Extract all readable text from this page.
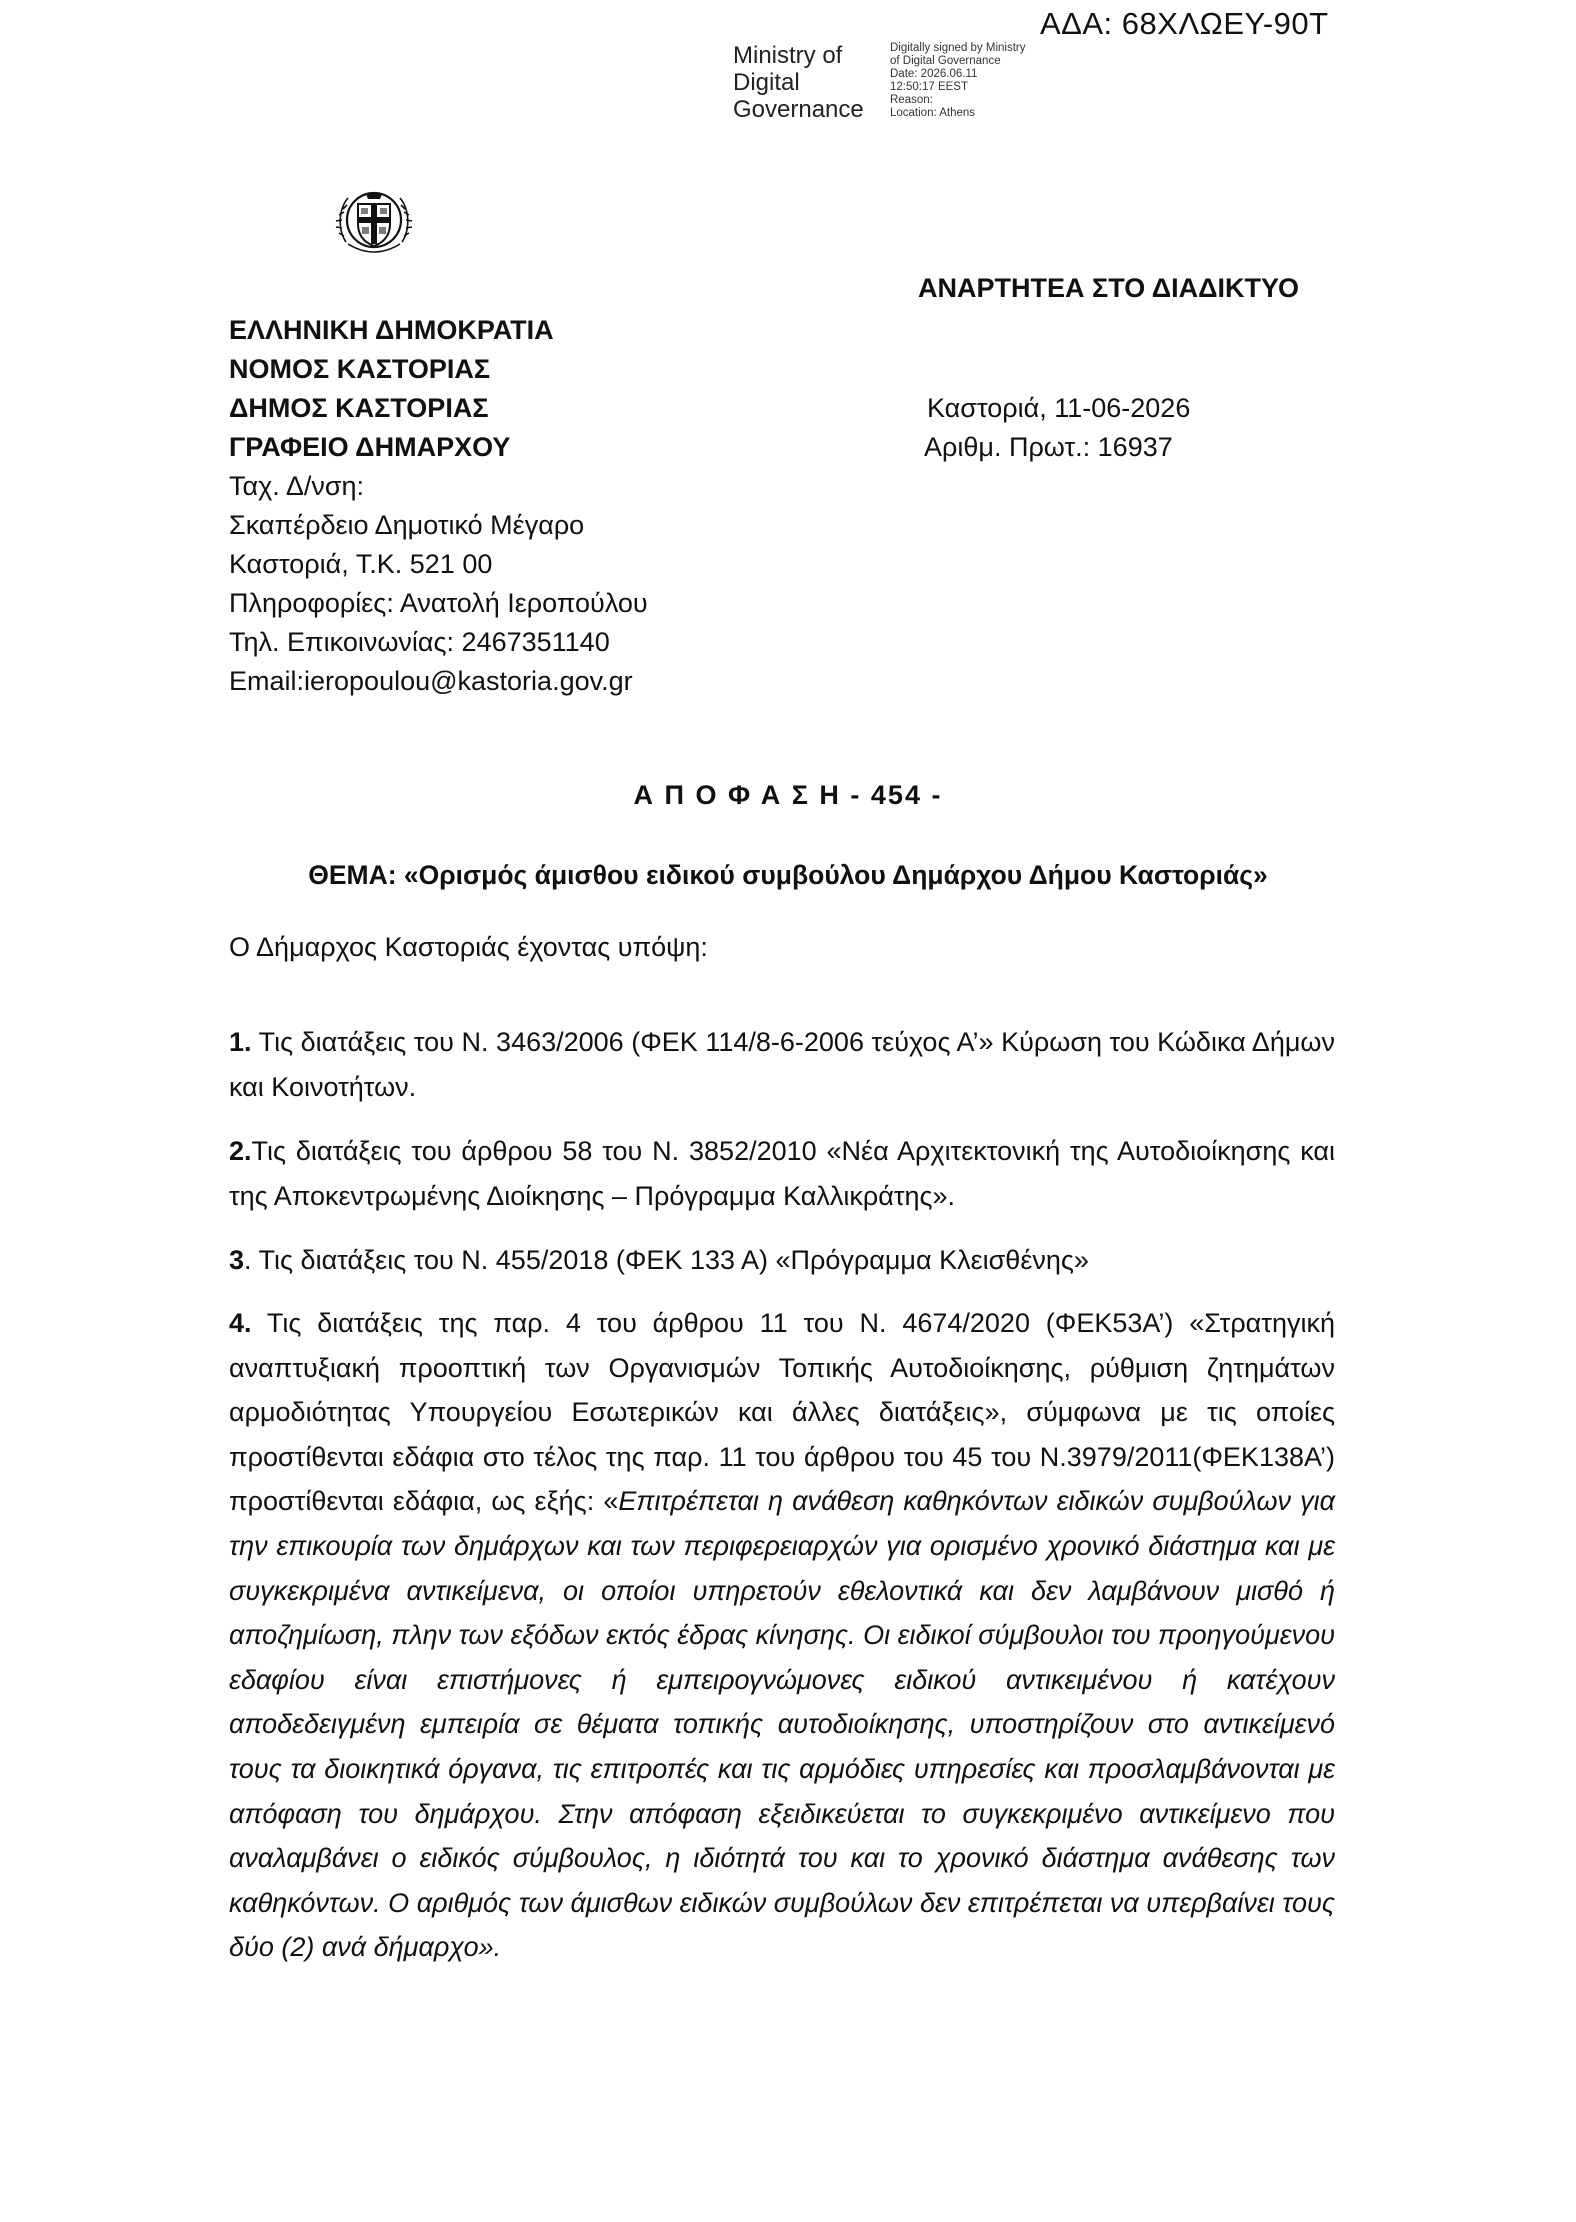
ΑΔΑ: 68ΧΛΩΕΥ-90Τ
Ministry of
Digital
Governance
Digitally signed by Ministry
of Digital Governance
Date: 2026.06.11
12:50:17 EEST
Reason:
Location: Athens
ΑΝΑΡΤΗΤΕΑ ΣΤΟ ΔΙΑΔΙΚΤΥΟ
ΕΛΛΗΝΙΚΗ ΔΗΜΟΚΡΑΤΙΑ
ΝΟΜΟΣ ΚΑΣΤΟΡΙΑΣ
ΔΗΜΟΣ ΚΑΣΤΟΡΙΑΣ
ΓΡΑΦΕΙΟ ΔΗΜΑΡΧΟΥ
Ταχ. Δ/νση:
Σκαπέρδειο Δημοτικό Μέγαρο
Καστοριά, Τ.Κ. 521 00
Πληροφορίες: Ανατολή Ιεροπούλου
Τηλ. Επικοινωνίας: 2467351140
Email:ieropoulou@kastoria.gov.gr
Καστοριά, 11-06-2026
Αριθμ. Πρωτ.: 16937
Α Π Ο Φ Α Σ Η - 454 -
ΘΕΜΑ: «Ορισμός άμισθου ειδικού συμβούλου Δημάρχου Δήμου Καστοριάς»
Ο Δήμαρχος Καστοριάς έχοντας υπόψη:

1. Τις διατάξεις του Ν. 3463/2006 (ΦΕΚ 114/8-6-2006 τεύχος Α’» Κύρωση του Κώδικα Δήμων και Κοινοτήτων.

2.Τις διατάξεις του άρθρου 58 του Ν. 3852/2010 «Νέα Αρχιτεκτονική της Αυτοδιοίκησης και της Αποκεντρωμένης Διοίκησης – Πρόγραμμα Καλλικράτης».

3. Τις διατάξεις του Ν. 455/2018 (ΦΕΚ 133 Α) «Πρόγραμμα Κλεισθένης»

4. Τις διατάξεις της παρ. 4 του άρθρου 11 του Ν. 4674/2020 (ΦΕΚ53Α’) «Στρατηγική αναπτυξιακή προοπτική των Οργανισμών Τοπικής Αυτοδιοίκησης, ρύθμιση ζητημάτων αρμοδιότητας Υπουργείου Εσωτερικών και άλλες διατάξεις», σύμφωνα με τις οποίες προστίθενται εδάφια στο τέλος της παρ. 11 του άρθρου του 45 του Ν.3979/2011(ΦΕΚ138Α’) προστίθενται εδάφια, ως εξής: «Επιτρέπεται η ανάθεση καθηκόντων ειδικών συμβούλων για την επικουρία των δημάρχων και των περιφερειαρχών για ορισμένο χρονικό διάστημα και με συγκεκριμένα αντικείμενα, οι οποίοι υπηρετούν εθελοντικά και δεν λαμβάνουν μισθό ή αποζημίωση, πλην των εξόδων εκτός έδρας κίνησης. Οι ειδικοί σύμβουλοι του προηγούμενου εδαφίου είναι επιστήμονες ή εμπειρογνώμονες ειδικού αντικειμένου ή κατέχουν αποδεδειγμένη εμπειρία σε θέματα τοπικής αυτοδιοίκησης, υποστηρίζουν στο αντικείμενό τους τα διοικητικά όργανα, τις επιτροπές και τις αρμόδιες υπηρεσίες και προσλαμβάνονται με απόφαση του δημάρχου. Στην απόφαση εξειδικεύεται το συγκεκριμένο αντικείμενο που αναλαμβάνει ο ειδικός σύμβουλος, η ιδιότητά του και το χρονικό διάστημα ανάθεσης των καθηκόντων. Ο αριθμός των άμισθων ειδικών συμβούλων δεν επιτρέπεται να υπερβαίνει τους δύο (2) ανά δήμαρχο».
